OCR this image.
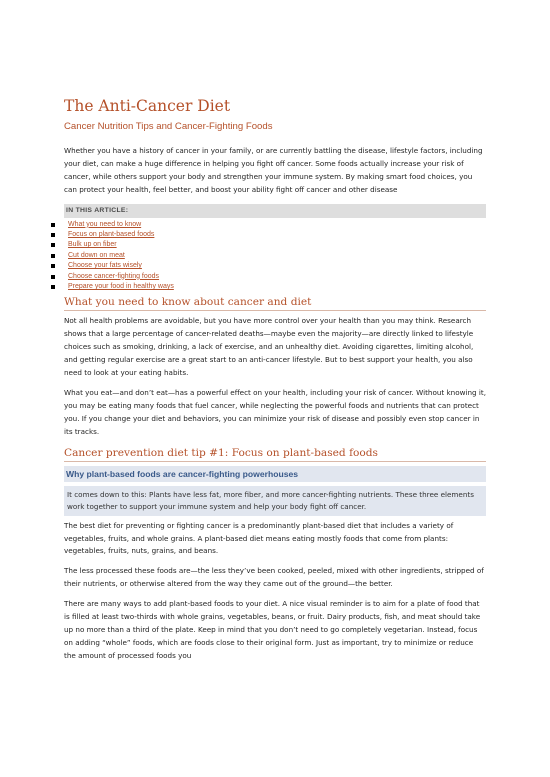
The Anti-Cancer Diet
Cancer Nutrition Tips and Cancer-Fighting Foods

Whether you have a history of cancer in your family, or are currently battling the disease, lifestyle factors, including your diet, can make a huge difference in helping you fight off cancer. Some foods actually increase your risk of cancer, while others support your body and strengthen your immune system. By making smart food choices, you can protect your health, feel better, and boost your ability fight off cancer and other disease

IN THIS ARTICLE:
What you need to know
Focus on plant-based foods
Bulk up on fiber
Cut down on meat
Choose your fats wisely
Choose cancer-fighting foods
Prepare your food in healthy ways
What you need to know about cancer and diet

Not all health problems are avoidable, but you have more control over your health than you may think. Research shows that a large percentage of cancer-related deaths—maybe even the majority—are directly linked to lifestyle choices such as smoking, drinking, a lack of exercise, and an unhealthy diet. Avoiding cigarettes, limiting alcohol, and getting regular exercise are a great start to an anti-cancer lifestyle. But to best support your health, you also need to look at your eating habits.

What you eat—and don’t eat—has a powerful effect on your health, including your risk of cancer. Without knowing it, you may be eating many foods that fuel cancer, while neglecting the powerful foods and nutrients that can protect you. If you change your diet and behaviors, you can minimize your risk of disease and possibly even stop cancer in its tracks.

Cancer prevention diet tip #1: Focus on plant-based foods
Why plant-based foods are cancer-fighting powerhouses
It comes down to this: Plants have less fat, more fiber, and more cancer-fighting nutrients. These three elements work together to support your immune system and help your body fight off cancer.

The best diet for preventing or fighting cancer is a predominantly plant-based diet that includes a variety of vegetables, fruits, and whole grains. A plant-based diet means eating mostly foods that come from plants: vegetables, fruits, nuts, grains, and beans.

The less processed these foods are—the less they’ve been cooked, peeled, mixed with other ingredients, stripped of their nutrients, or otherwise altered from the way they came out of the ground—the better.

There are many ways to add plant-based foods to your diet. A nice visual reminder is to aim for a plate of food that is filled at least two-thirds with whole grains, vegetables, beans, or fruit. Dairy products, fish, and meat should take up no more than a third of the plate. Keep in mind that you don’t need to go completely vegetarian. Instead, focus on adding “whole” foods, which are foods close to their original form. Just as important, try to minimize or reduce the amount of processed foods you
